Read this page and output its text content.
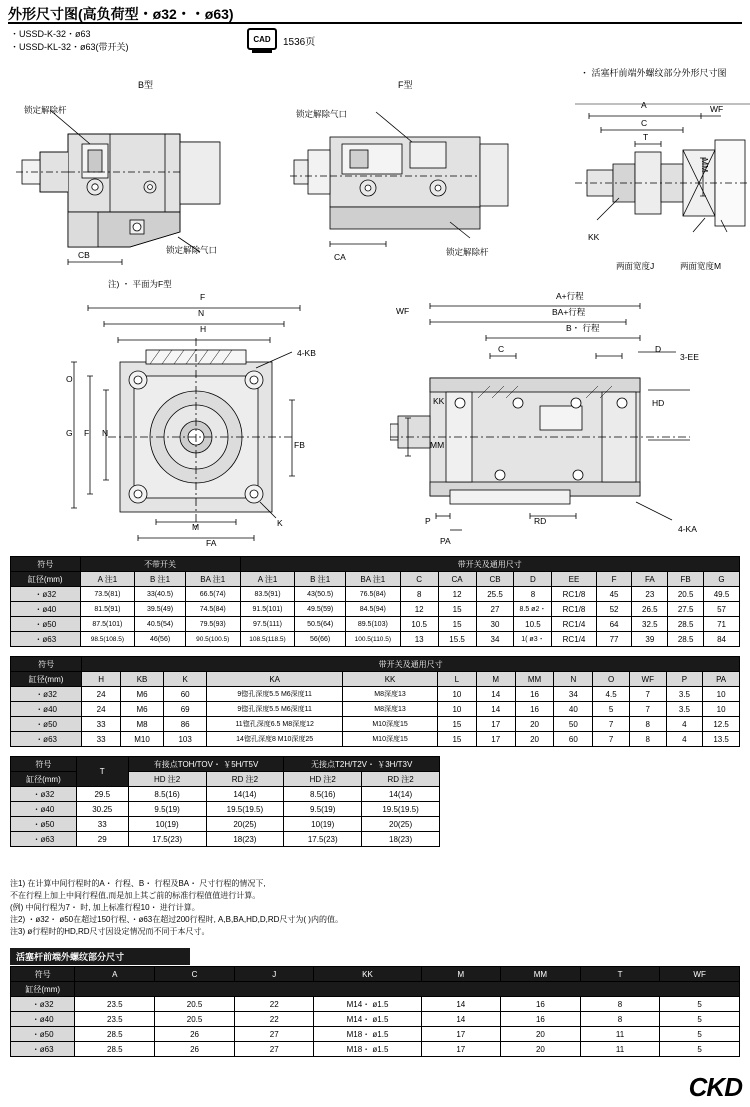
外形尺寸图(高负荷型・ø32・・ø63)
・USSD-K-32・ø63
・USSD-KL-32・ø63(带开关)
CAD	1536页
B型	F型
・ 活塞杆前端外螺纹部分外形尺寸图
锁定解除杆
锁定解除气口
CB
锁定解除气口
锁定解除杆
CA
注) ・ 平面为F型
A	WF
C
T
MM
KK
两面宽度J	两面宽度M
F
N
H
O
G F N
M
FA
FB
4-KB
K
A+行程
BA+行程
B・ 行程
WF
C	D
3-EE
KK
MM
HD
P
PA
RD
4-KA
符号	不带开关			带开关及通用尺寸											
缸径(mm)	A 注1	B 注1	BA 注1	A 注1	B 注1	BA 注1	C	CA	CB	D	EE	F	FA	FB	G
・ø32	73.5(81)	33(40.5)	66.5(74)	83.5(91)	43(50.5)	76.5(84)	8	12	25.5	8	RC1/8	45	23	20.5	49.5
・ø40	81.5(91)	39.5(49)	74.5(84)	91.5(101)	49.5(59)	84.5(94)	12	15	27	8.5 ø2・	RC1/8	52	26.5	27.5	57
・ø50	87.5(101)	40.5(54)	79.5(93)	97.5(111)	50.5(64)	89.5(103)	10.5	15	30	10.5	RC1/4	64	32.5	28.5	71
・ø63	98.5(108.5)	46(56)	90.5(100.5)	108.5(118.5)	56(66)	100.5(110.5)	13	15.5	34	1( ø3・	RC1/4	77	39	28.5	84
符号	带开关及通用尺寸												
缸径(mm)	H	KB	K	KA	KK	L	M	MM	N	O	WF	P	PA
・ø32	24	M6	60	9锪孔深度5.5 M6深度11	M8深度13	10	14	16	34	4.5	7	3.5	10
・ø40	24	M6	69	9锪孔深度5.5 M6深度11	M8深度13	10	14	16	40	5	7	3.5	10
・ø50	33	M8	86	11锪孔深度6.5 M8深度12	M10深度15	15	17	20	50	7	8	4	12.5
・ø63	33	M10	103	14锪孔深度8 M10深度25	M10深度15	15	17	20	60	7	8	4	13.5
符号	T	有接点TOH/TOV・ ￥5H/T5V		无接点T2H/T2V・ ￥3H/T3V	
缸径(mm)		HD 注2	RD 注2	HD 注2	RD 注2
・ø32	29.5	8.5(16)	14(14)	8.5(16)	14(14)
・ø40	30.25	9.5(19)	19.5(19.5)	9.5(19)	19.5(19.5)
・ø50	33	10(19)	20(25)	10(19)	20(25)
・ø63	29	17.5(23)	18(23)	17.5(23)	18(23)
注1) 在计算中间行程时的A・ 行程、B・ 行程及BA・ 尺寸行程的情况下,
不在行程上加上中间行程值,而是加上其ご前的标准行程值值进行计算。
(例) 中间行程为7・ 时, 加上标准行程10・ 进行计算。
注2) ・ø32・ ø50在超过150行程、・ø63在超过200行程时, A,B,BA,HD,D,RD尺寸为( )内的值。
注3) ø行程时的HD,RD尺寸因设定情况而不同于本尺寸。
活塞杆前端外螺纹部分尺寸
符号	A	C	J	KK	M	MM	T	WF
缸径(mm)								
・ø32	23.5	20.5	22	M14・ ø1.5	14	16	8	5
・ø40	23.5	20.5	22	M14・ ø1.5	14	16	8	5
・ø50	28.5	26	27	M18・ ø1.5	17	20	11	5
・ø63	28.5	26	27	M18・ ø1.5	17	20	11	5
CKD
